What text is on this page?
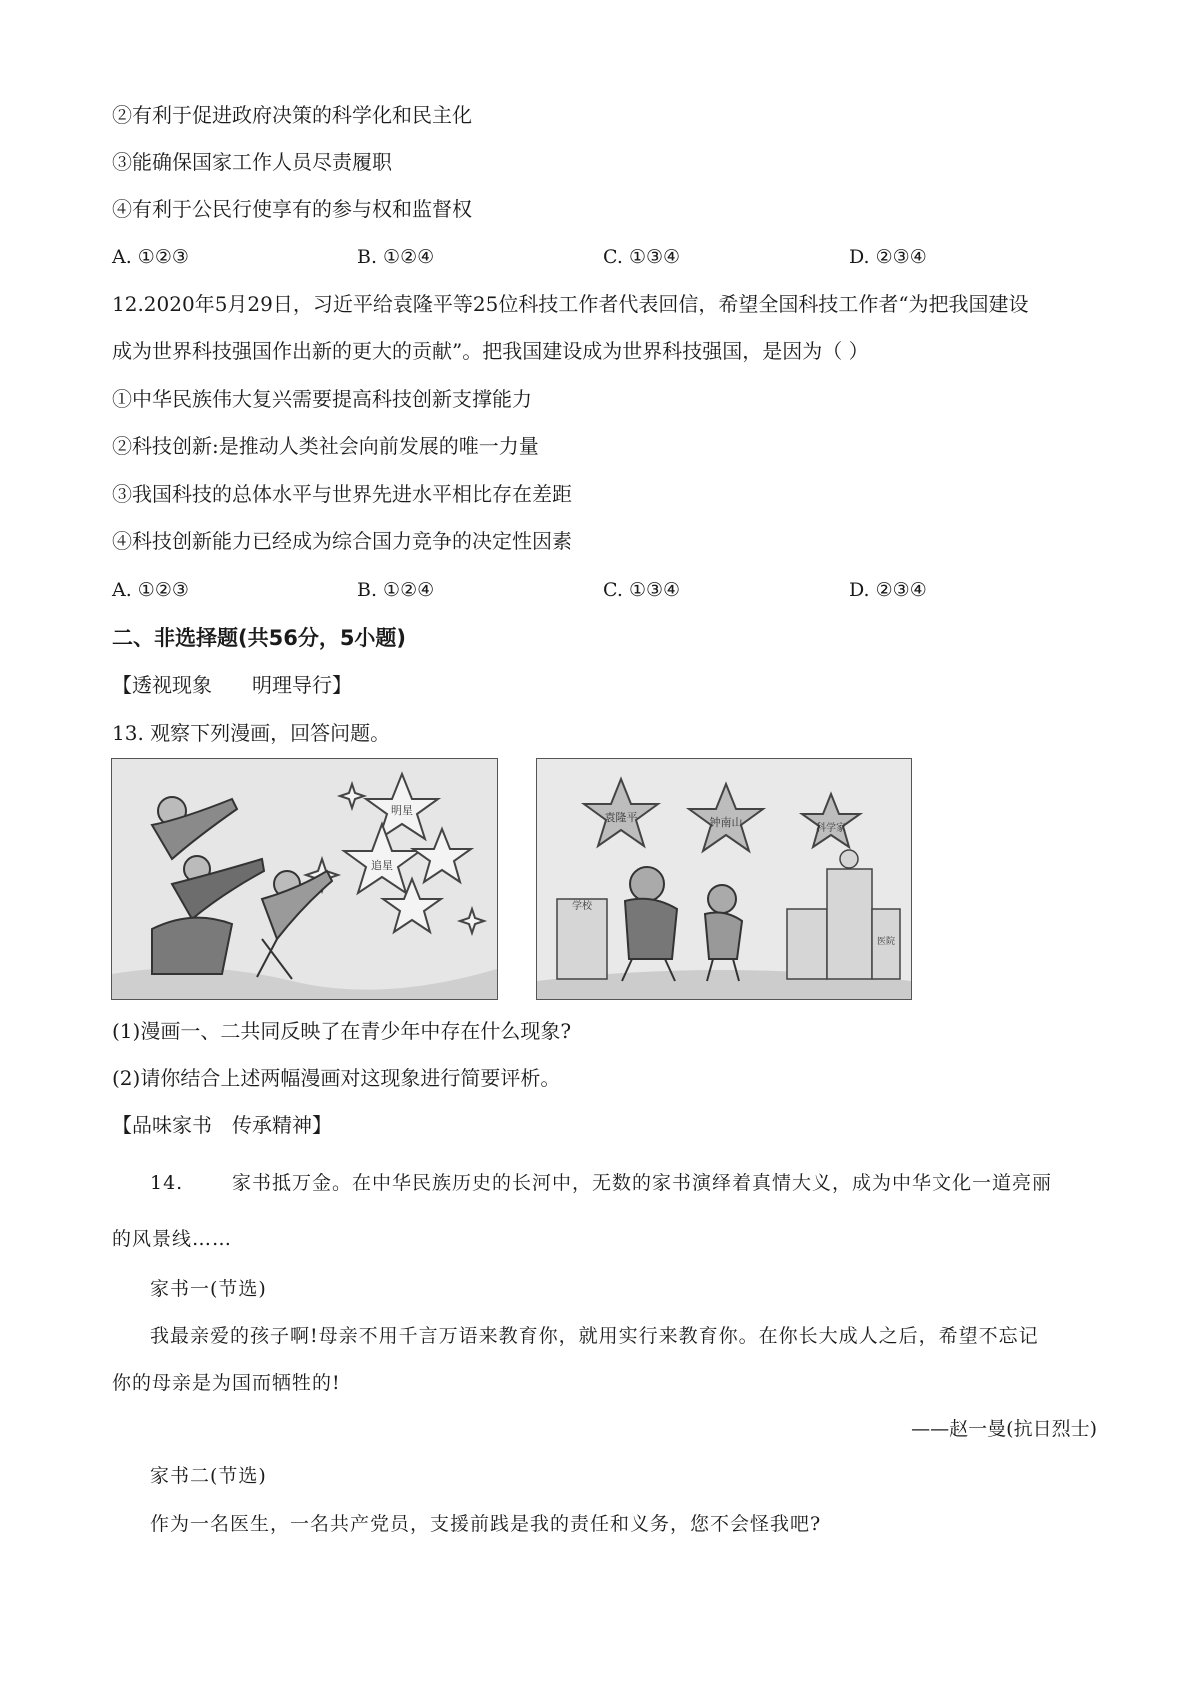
②有利于促进政府决策的科学化和民主化
③能确保国家工作人员尽责履职
④有利于公民行使享有的参与权和监督权
A. ①②③	B. ①②④	C. ①③④	D. ②③④
12.2020年5月29日，习近平给袁隆平等25位科技工作者代表回信，希望全国科技工作者“为把我国建设
成为世界科技强国作出新的更大的贡献”。把我国建设成为世界科技强国，是因为（ ）
①中华民族伟大复兴需要提高科技创新支撑能力
②科技创新:是推动人类社会向前发展的唯一力量
③我国科技的总体水平与世界先进水平相比存在差距
④科技创新能力已经成为综合国力竞争的决定性因素
A. ①②③	B. ①②④	C. ①③④	D. ②③④
二、非选择题(共56分，5小题)
【透视现象　　明理导行】
13. 观察下列漫画，回答问题。
明星
追星
学校
袁隆平	钟南山	科学家
医院
(1)漫画一、二共同反映了在青少年中存在什么现象?
(2)请你结合上述两幅漫画对这现象进行简要评析。
【品味家书　传承精神】
14.	家书抵万金。在中华民族历史的长河中，无数的家书演绎着真情大义，成为中华文化一道亮丽
的风景线……
家书一(节选)
我最亲爱的孩子啊!母亲不用千言万语来教育你，就用实行来教育你。在你长大成人之后，希望不忘记
你的母亲是为国而牺牲的!
——赵一曼(抗日烈士)
家书二(节选)
作为一名医生，一名共产党员，支援前践是我的责任和义务，您不会怪我吧?
